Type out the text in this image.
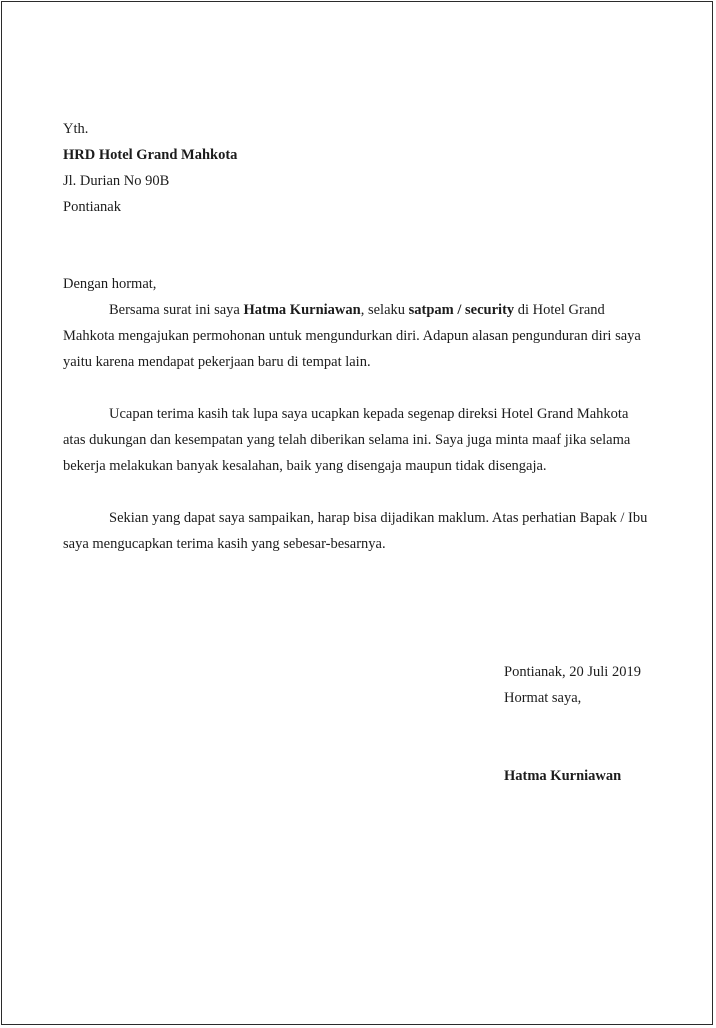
Yth.
HRD Hotel Grand Mahkota
Jl. Durian No 90B
Pontianak
Dengan hormat,
Bersama surat ini saya Hatma Kurniawan, selaku satpam / security di Hotel Grand
Mahkota mengajukan permohonan untuk mengundurkan diri. Adapun alasan pengunduran diri saya
yaitu karena mendapat pekerjaan baru di tempat lain.
Ucapan terima kasih tak lupa saya ucapkan kepada segenap direksi Hotel Grand Mahkota
atas dukungan dan kesempatan yang telah diberikan selama ini. Saya juga minta maaf jika selama
bekerja melakukan banyak kesalahan, baik yang disengaja maupun tidak disengaja.
Sekian yang dapat saya sampaikan, harap bisa dijadikan maklum. Atas perhatian Bapak / Ibu
saya mengucapkan terima kasih yang sebesar-besarnya.
Pontianak, 20 Juli 2019
Hormat saya,
Hatma Kurniawan
